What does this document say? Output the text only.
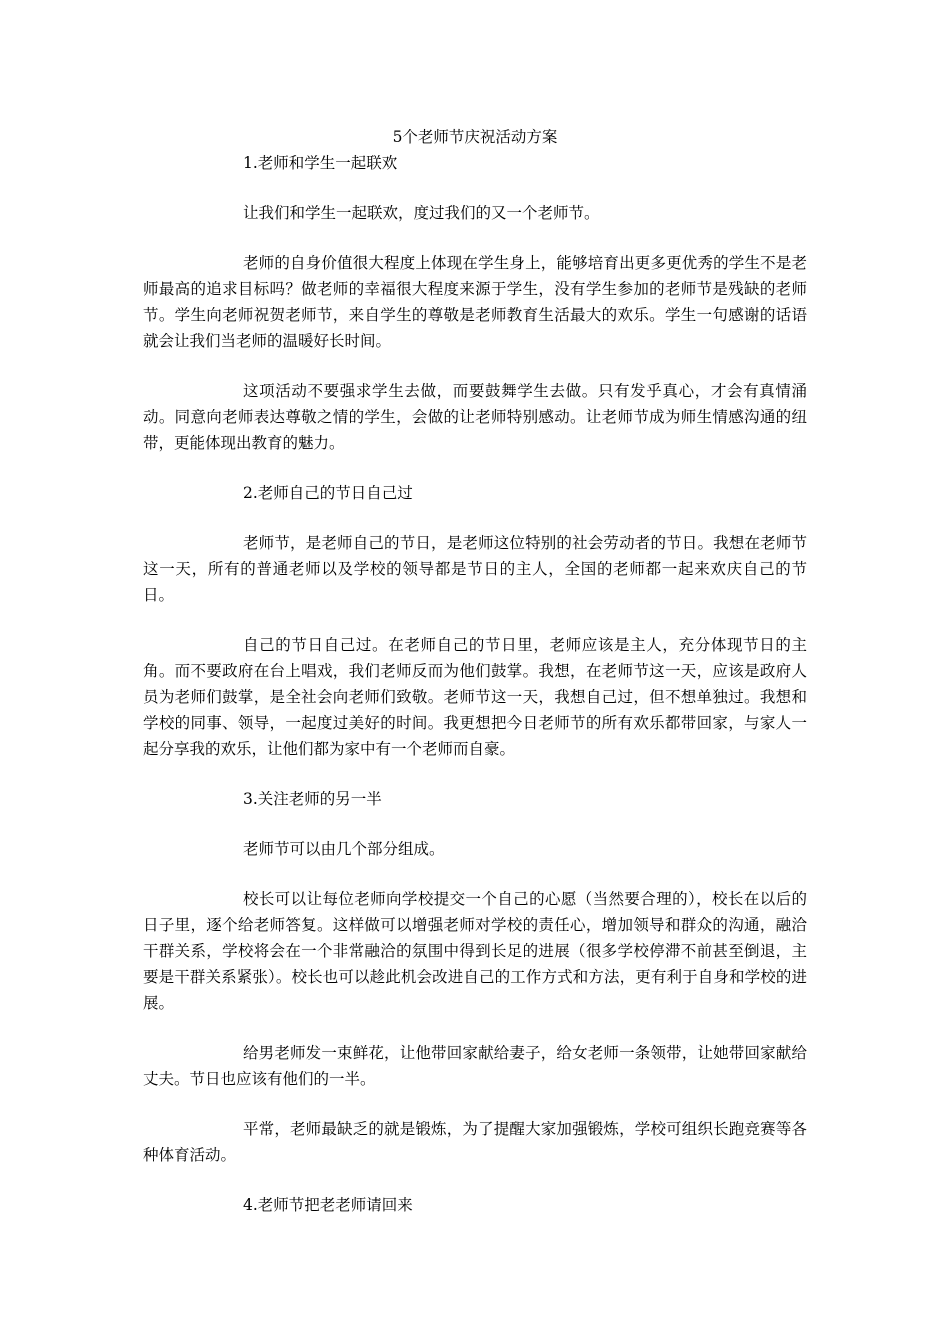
5个老师节庆祝活动方案

1.老师和学生一起联欢

让我们和学生一起联欢，度过我们的又一个老师节。

老师的自身价值很大程度上体现在学生身上，能够培育出更多更优秀的学生不是老师最高的追求目标吗？做老师的幸福很大程度来源于学生，没有学生参加的老师节是残缺的老师节。学生向老师祝贺老师节，来自学生的尊敬是老师教育生活最大的欢乐。学生一句感谢的话语就会让我们当老师的温暖好长时间。

这项活动不要强求学生去做，而要鼓舞学生去做。只有发乎真心，才会有真情涌动。同意向老师表达尊敬之情的学生，会做的让老师特别感动。让老师节成为师生情感沟通的纽带，更能体现出教育的魅力。

2.老师自己的节日自己过

老师节，是老师自己的节日，是老师这位特别的社会劳动者的节日。我想在老师节这一天，所有的普通老师以及学校的领导都是节日的主人，全国的老师都一起来欢庆自己的节日。

自己的节日自己过。在老师自己的节日里，老师应该是主人，充分体现节日的主角。而不要政府在台上唱戏，我们老师反而为他们鼓掌。我想，在老师节这一天，应该是政府人员为老师们鼓掌，是全社会向老师们致敬。老师节这一天，我想自己过，但不想单独过。我想和学校的同事、领导，一起度过美好的时间。我更想把今日老师节的所有欢乐都带回家，与家人一起分享我的欢乐，让他们都为家中有一个老师而自豪。

3.关注老师的另一半

老师节可以由几个部分组成。

校长可以让每位老师向学校提交一个自己的心愿（当然要合理的），校长在以后的日子里，逐个给老师答复。这样做可以增强老师对学校的责任心，增加领导和群众的沟通，融洽干群关系，学校将会在一个非常融洽的氛围中得到长足的进展（很多学校停滞不前甚至倒退，主要是干群关系紧张）。校长也可以趁此机会改进自己的工作方式和方法，更有利于自身和学校的进展。

给男老师发一束鲜花，让他带回家献给妻子，给女老师一条领带，让她带回家献给丈夫。节日也应该有他们的一半。

平常，老师最缺乏的就是锻炼，为了提醒大家加强锻炼，学校可组织长跑竞赛等各种体育活动。

4.老师节把老老师请回来
